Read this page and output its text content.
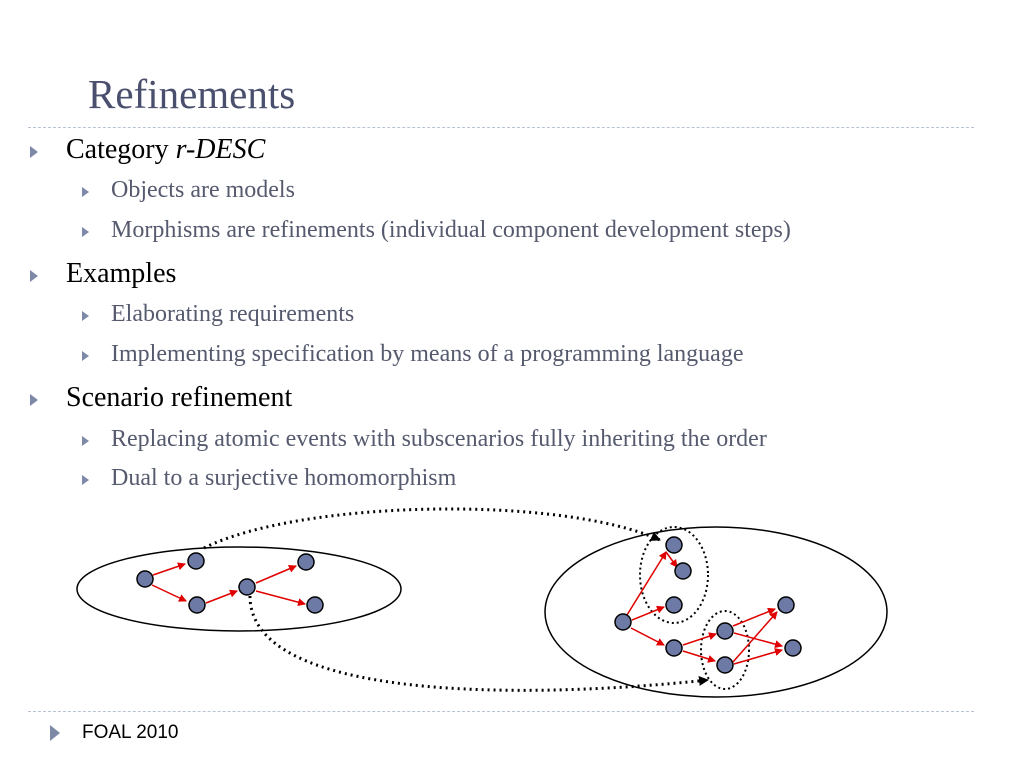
Refinements
Category r-DESC
Objects are models
Morphisms are refinements (individual component development steps)
Examples
Elaborating requirements
Implementing specification by means of a programming language
Scenario refinement
Replacing atomic events with subscenarios fully inheriting the order
Dual to a surjective homomorphism
FOAL 2010
